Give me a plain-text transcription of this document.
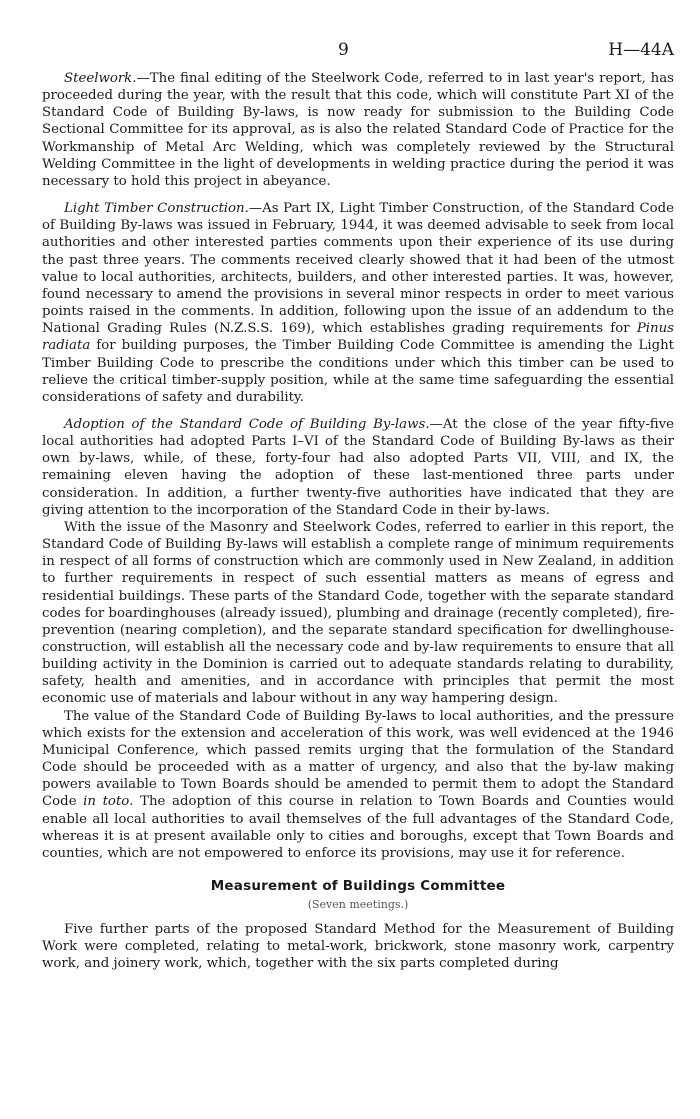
9	H—44A

Steelwork.—The final editing of the Steelwork Code, referred to in last year's report, has proceeded during the year, with the result that this code, which will constitute Part XI of the Standard Code of Building By-laws, is now ready for submission to the Building Code Sectional Committee for its approval, as is also the related Standard Code of Practice for the Workmanship of Metal Arc Welding, which was completely reviewed by the Structural Welding Committee in the light of developments in welding practice during the period it was necessary to hold this project in abeyance.

Light Timber Construction.—As Part IX, Light Timber Construction, of the Standard Code of Building By-laws was issued in February, 1944, it was deemed advisable to seek from local authorities and other interested parties comments upon their experience of its use during the past three years. The comments received clearly showed that it had been of the utmost value to local authorities, architects, builders, and other interested parties. It was, however, found necessary to amend the provisions in several minor respects in order to meet various points raised in the comments. In addition, following upon the issue of an addendum to the National Grading Rules (N.Z.S.S. 169), which establishes grading requirements for Pinus radiata for building purposes, the Timber Building Code Committee is amending the Light Timber Building Code to prescribe the conditions under which this timber can be used to relieve the critical timber-supply position, while at the same time safeguarding the essential considerations of safety and durability.

Adoption of the Standard Code of Building By-laws.—At the close of the year fifty-five local authorities had adopted Parts I–VI of the Standard Code of Building By-laws as their own by-laws, while, of these, forty-four had also adopted Parts VII, VIII, and IX, the remaining eleven having the adoption of these last-mentioned three parts under consideration. In addition, a further twenty-five authorities have indicated that they are giving attention to the incorporation of the Standard Code in their by-laws.

With the issue of the Masonry and Steelwork Codes, referred to earlier in this report, the Standard Code of Building By-laws will establish a complete range of minimum requirements in respect of all forms of construction which are commonly used in New Zealand, in addition to further requirements in respect of such essential matters as means of egress and residential buildings. These parts of the Standard Code, together with the separate standard codes for boardinghouses (already issued), plumbing and drainage (recently completed), fire-prevention (nearing completion), and the separate standard specification for dwellinghouse-construction, will establish all the necessary code and by-law requirements to ensure that all building activity in the Dominion is carried out to adequate standards relating to durability, safety, health and amenities, and in accordance with principles that permit the most economic use of materials and labour without in any way hampering design.

The value of the Standard Code of Building By-laws to local authorities, and the pressure which exists for the extension and acceleration of this work, was well evidenced at the 1946 Municipal Conference, which passed remits urging that the formulation of the Standard Code should be proceeded with as a matter of urgency, and also that the by-law making powers available to Town Boards should be amended to permit them to adopt the Standard Code in toto. The adoption of this course in relation to Town Boards and Counties would enable all local authorities to avail themselves of the full advantages of the Standard Code, whereas it is at present available only to cities and boroughs, except that Town Boards and counties, which are not empowered to enforce its provisions, may use it for reference.

Measurement of Buildings Committee
(Seven meetings.)

Five further parts of the proposed Standard Method for the Measurement of Building Work were completed, relating to metal-work, brickwork, stone masonry work, carpentry work, and joinery work, which, together with the six parts completed during
